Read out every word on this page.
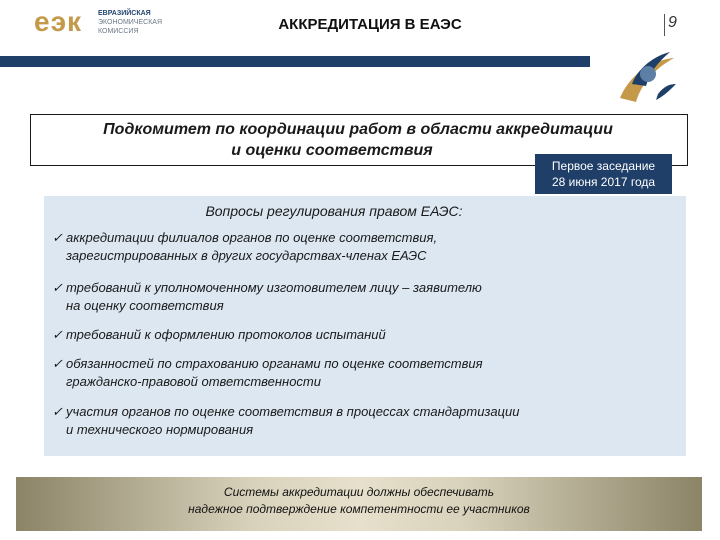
еэк ЕВРАЗИЙСКАЯ
ЭКОНОМИЧЕСКАЯ
КОМИССИЯ	АККРЕДИТАЦИЯ В ЕАЭС	9
Подкомитет по координации работ в области аккредитации
и оценки соответствия
Первое заседание
28 июня 2017 года
Вопросы регулирования правом ЕАЭС:
✓ аккредитации филиалов органов по оценке соответствия,
зарегистрированных в других государствах-членах ЕАЭС
✓ требований к уполномоченному изготовителем лицу – заявителю
на оценку соответствия
✓ требований к оформлению протоколов испытаний
✓ обязанностей по страхованию органами по оценке соответствия
гражданско-правовой ответственности
✓ участия органов по оценке соответствия в процессах стандартизации
и технического нормирования
Системы аккредитации должны обеспечивать
надежное подтверждение компетентности ее участников
